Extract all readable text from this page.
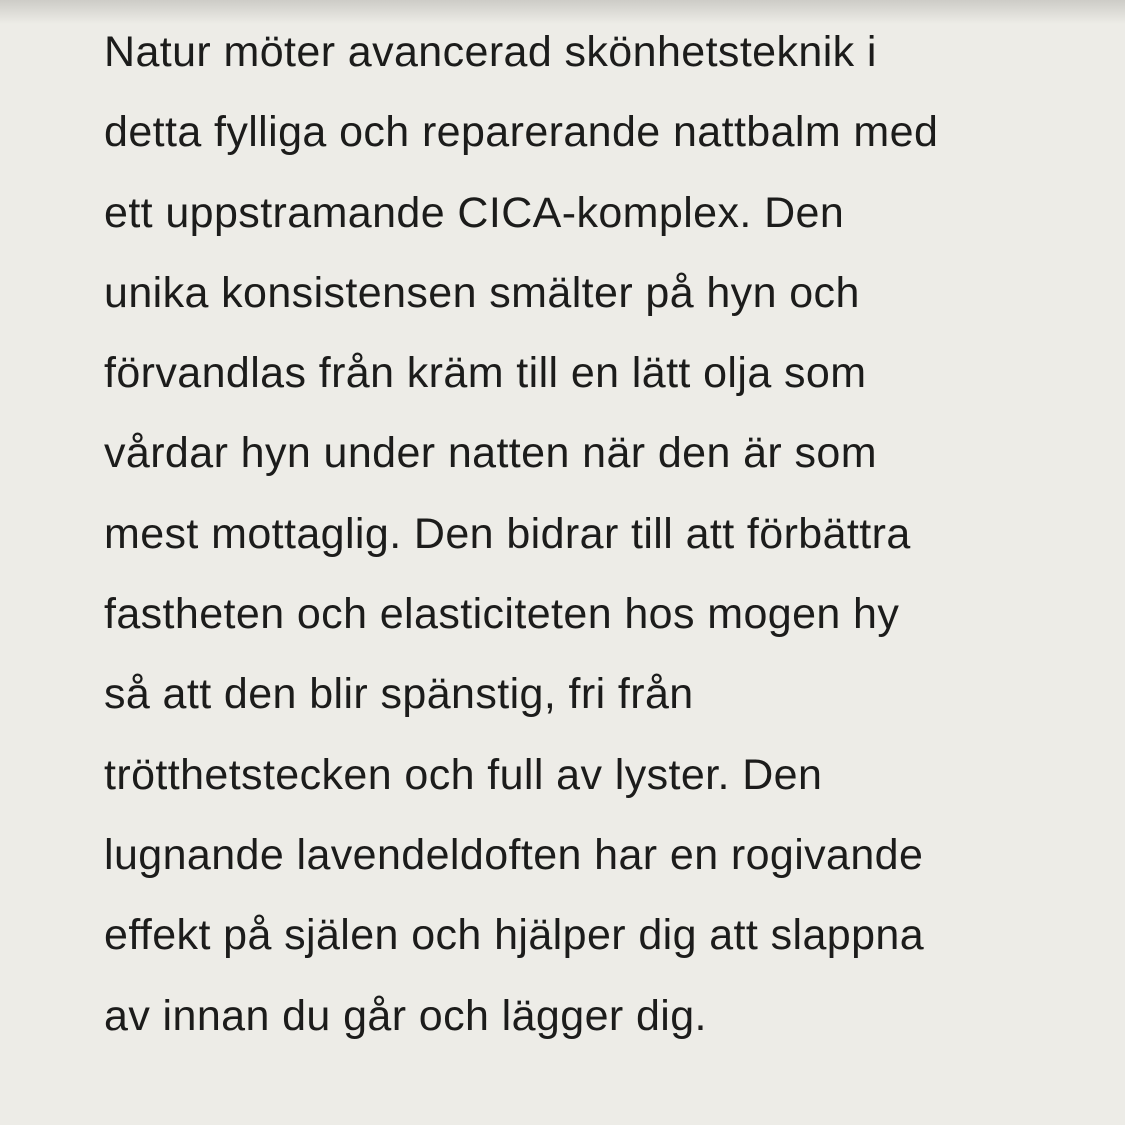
Natur möter avancerad skönhetsteknik i
detta fylliga och reparerande nattbalm med
ett uppstramande CICA-komplex. Den
unika konsistensen smälter på hyn och
förvandlas från kräm till en lätt olja som
vårdar hyn under natten när den är som
mest mottaglig. Den bidrar till att förbättra
fastheten och elasticiteten hos mogen hy
så att den blir spänstig, fri från
trötthetstecken och full av lyster. Den
lugnande lavendeldoften har en rogivande
effekt på själen och hjälper dig att slappna
av innan du går och lägger dig.
